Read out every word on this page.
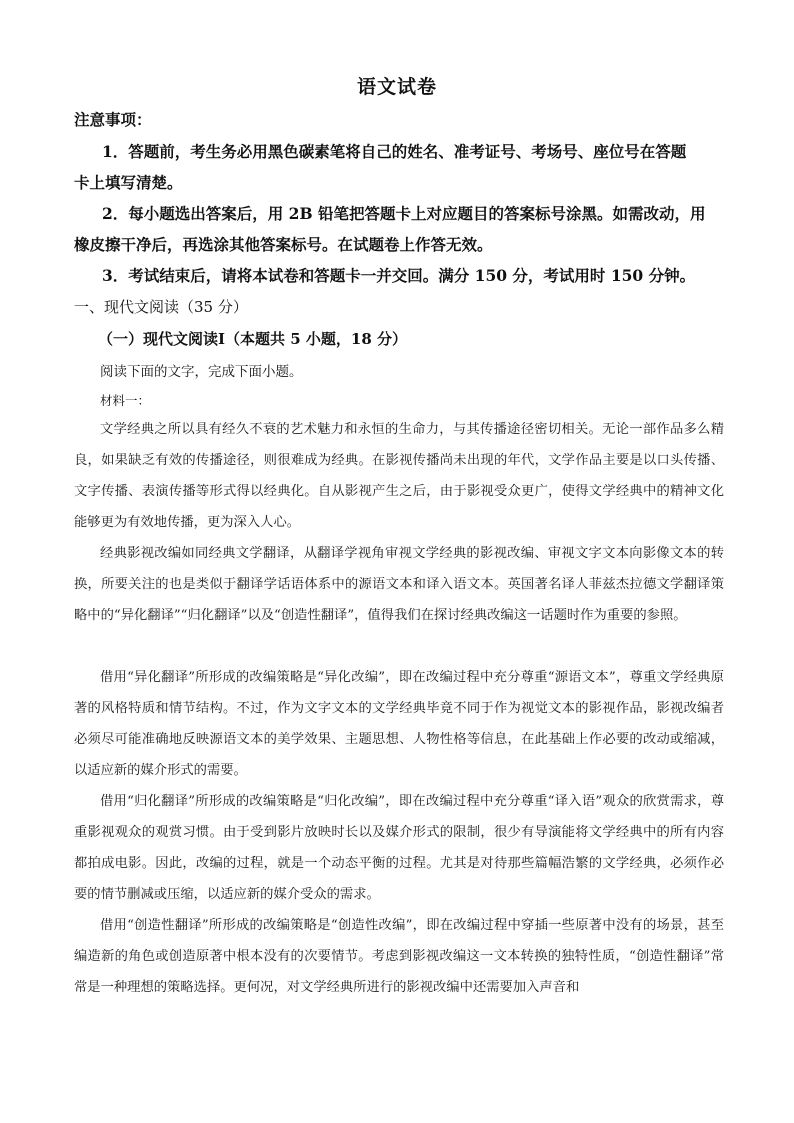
语文试卷
注意事项：
1．答题前，考生务必用黑色碳素笔将自己的姓名、准考证号、考场号、座位号在答题
卡上填写清楚。
2．每小题选出答案后，用 2B 铅笔把答题卡上对应题目的答案标号涂黑。如需改动，用
橡皮擦干净后，再选涂其他答案标号。在试题卷上作答无效。
3．考试结束后，请将本试卷和答题卡一并交回。满分 150 分，考试用时 150 分钟。
一、现代文阅读（35 分）
（一）现代文阅读Ⅰ（本题共 5 小题，18 分）
阅读下面的文字，完成下面小题。
材料一：
文学经典之所以具有经久不衰的艺术魅力和永恒的生命力，与其传播途径密切相关。无论一部作品多么精良，如果缺乏有效的传播途径，则很难成为经典。在影视传播尚未出现的年代，文学作品主要是以口头传播、文字传播、表演传播等形式得以经典化。自从影视产生之后，由于影视受众更广，使得文学经典中的精神文化能够更为有效地传播，更为深入人心。
经典影视改编如同经典文学翻译，从翻译学视角审视文学经典的影视改编、审视文字文本向影像文本的转换，所要关注的也是类似于翻译学话语体系中的源语文本和译入语文本。英国著名译人菲兹杰拉德文学翻译策略中的“异化翻译”“归化翻译”以及“创造性翻译”，值得我们在探讨经典改编这一话题时作为重要的参照。
借用“异化翻译”所形成的改编策略是“异化改编”，即在改编过程中充分尊重“源语文本”，尊重文学经典原著的风格特质和情节结构。不过，作为文字文本的文学经典毕竟不同于作为视觉文本的影视作品，影视改编者必须尽可能准确地反映源语文本的美学效果、主题思想、人物性格等信息，在此基础上作必要的改动或缩减，以适应新的媒介形式的需要。
借用“归化翻译”所形成的改编策略是“归化改编”，即在改编过程中充分尊重“译入语”观众的欣赏需求，尊重影视观众的观赏习惯。由于受到影片放映时长以及媒介形式的限制，很少有导演能将文学经典中的所有内容都拍成电影。因此，改编的过程，就是一个动态平衡的过程。尤其是对待那些篇幅浩繁的文学经典，必须作必要的情节删减或压缩，以适应新的媒介受众的需求。
借用“创造性翻译”所形成的改编策略是“创造性改编”，即在改编过程中穿插一些原著中没有的场景，甚至编造新的角色或创造原著中根本没有的次要情节。考虑到影视改编这一文本转换的独特性质，“创造性翻译”常常是一种理想的策略选择。更何况，对文学经典所进行的影视改编中还需要加入声音和
